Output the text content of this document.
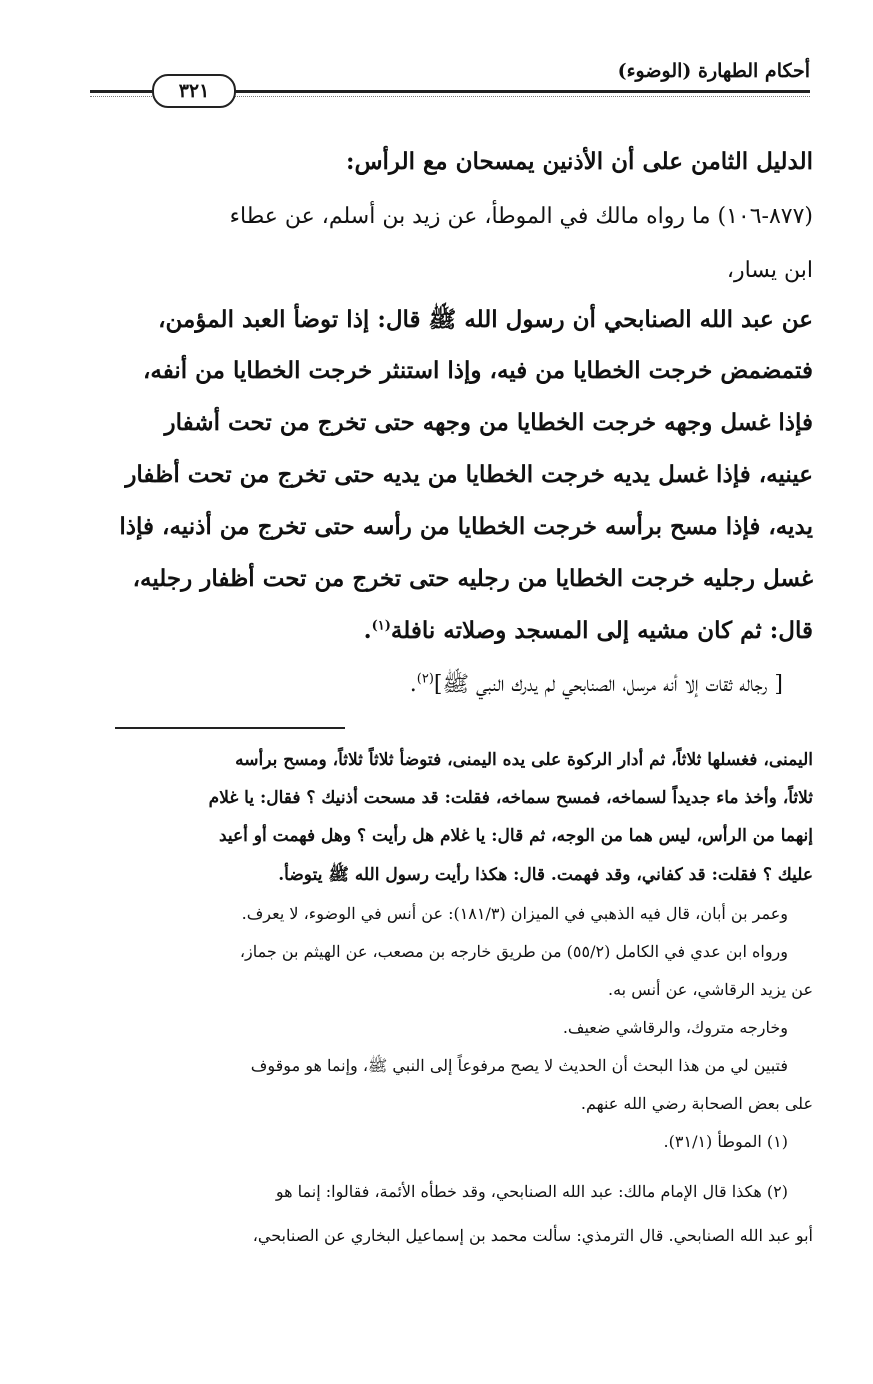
أحكام الطهارة (الوضوء)
٣٢١
الدليل الثامن على أن الأذنين يمسحان مع الرأس:
(٨٧٧-١٠٦) ما رواه مالك في الموطأ، عن زيد بن أسلم، عن عطاء
ابن يسار،
عن عبد الله الصنابحي أن رسول الله ﷺ قال: إذا توضأ العبد المؤمن،
فتمضمض خرجت الخطايا من فيه، وإذا استنثر خرجت الخطايا من أنفه،
فإذا غسل وجهه خرجت الخطايا من وجهه حتى تخرج من تحت أشفار
عينيه، فإذا غسل يديه خرجت الخطايا من يديه حتى تخرج من تحت أظفار
يديه، فإذا مسح برأسه خرجت الخطايا من رأسه حتى تخرج من أذنيه، فإذا
غسل رجليه خرجت الخطايا من رجليه حتى تخرج من تحت أظفار رجليه،
قال: ثم كان مشيه إلى المسجد وصلاته نافلة$^{(١)}$.
[ رجاله ثقات إلا أنه مرسل، الصنابحي لم يدرك النبي ﷺ]$^{(٢)}$.
اليمنى، فغسلها ثلاثاً، ثم أدار الركوة على يده اليمنى، فتوضأ ثلاثاً ثلاثاً، ومسح برأسه
ثلاثاً، وأخذ ماء جديداً لسماخه، فمسح سماخه، فقلت: قد مسحت أذنيك ؟ فقال: يا غلام
إنهما من الرأس، ليس هما من الوجه، ثم قال: يا غلام هل رأيت ؟ وهل فهمت أو أعيد
عليك ؟ فقلت: قد كفاني، وقد فهمت. قال: هكذا رأيت رسول الله ﷺ يتوضأ.
وعمر بن أبان، قال فيه الذهبي في الميزان (١٨١/٣): عن أنس في الوضوء، لا يعرف.
ورواه ابن عدي في الكامل (٥٥/٢) من طريق خارجه بن مصعب، عن الهيثم بن جماز،
عن يزيد الرقاشي، عن أنس به.
وخارجه متروك، والرقاشي ضعيف.
فتبين لي من هذا البحث أن الحديث لا يصح مرفوعاً إلى النبي ﷺ، وإنما هو موقوف
على بعض الصحابة رضي الله عنهم.
(١) الموطأ (٣١/١).
(٢) هكذا قال الإمام مالك: عبد الله الصنابحي، وقد خطأه الأئمة، فقالوا: إنما هو
أبو عبد الله الصنابحي. قال الترمذي: سألت محمد بن إسماعيل البخاري عن الصنابحي،
